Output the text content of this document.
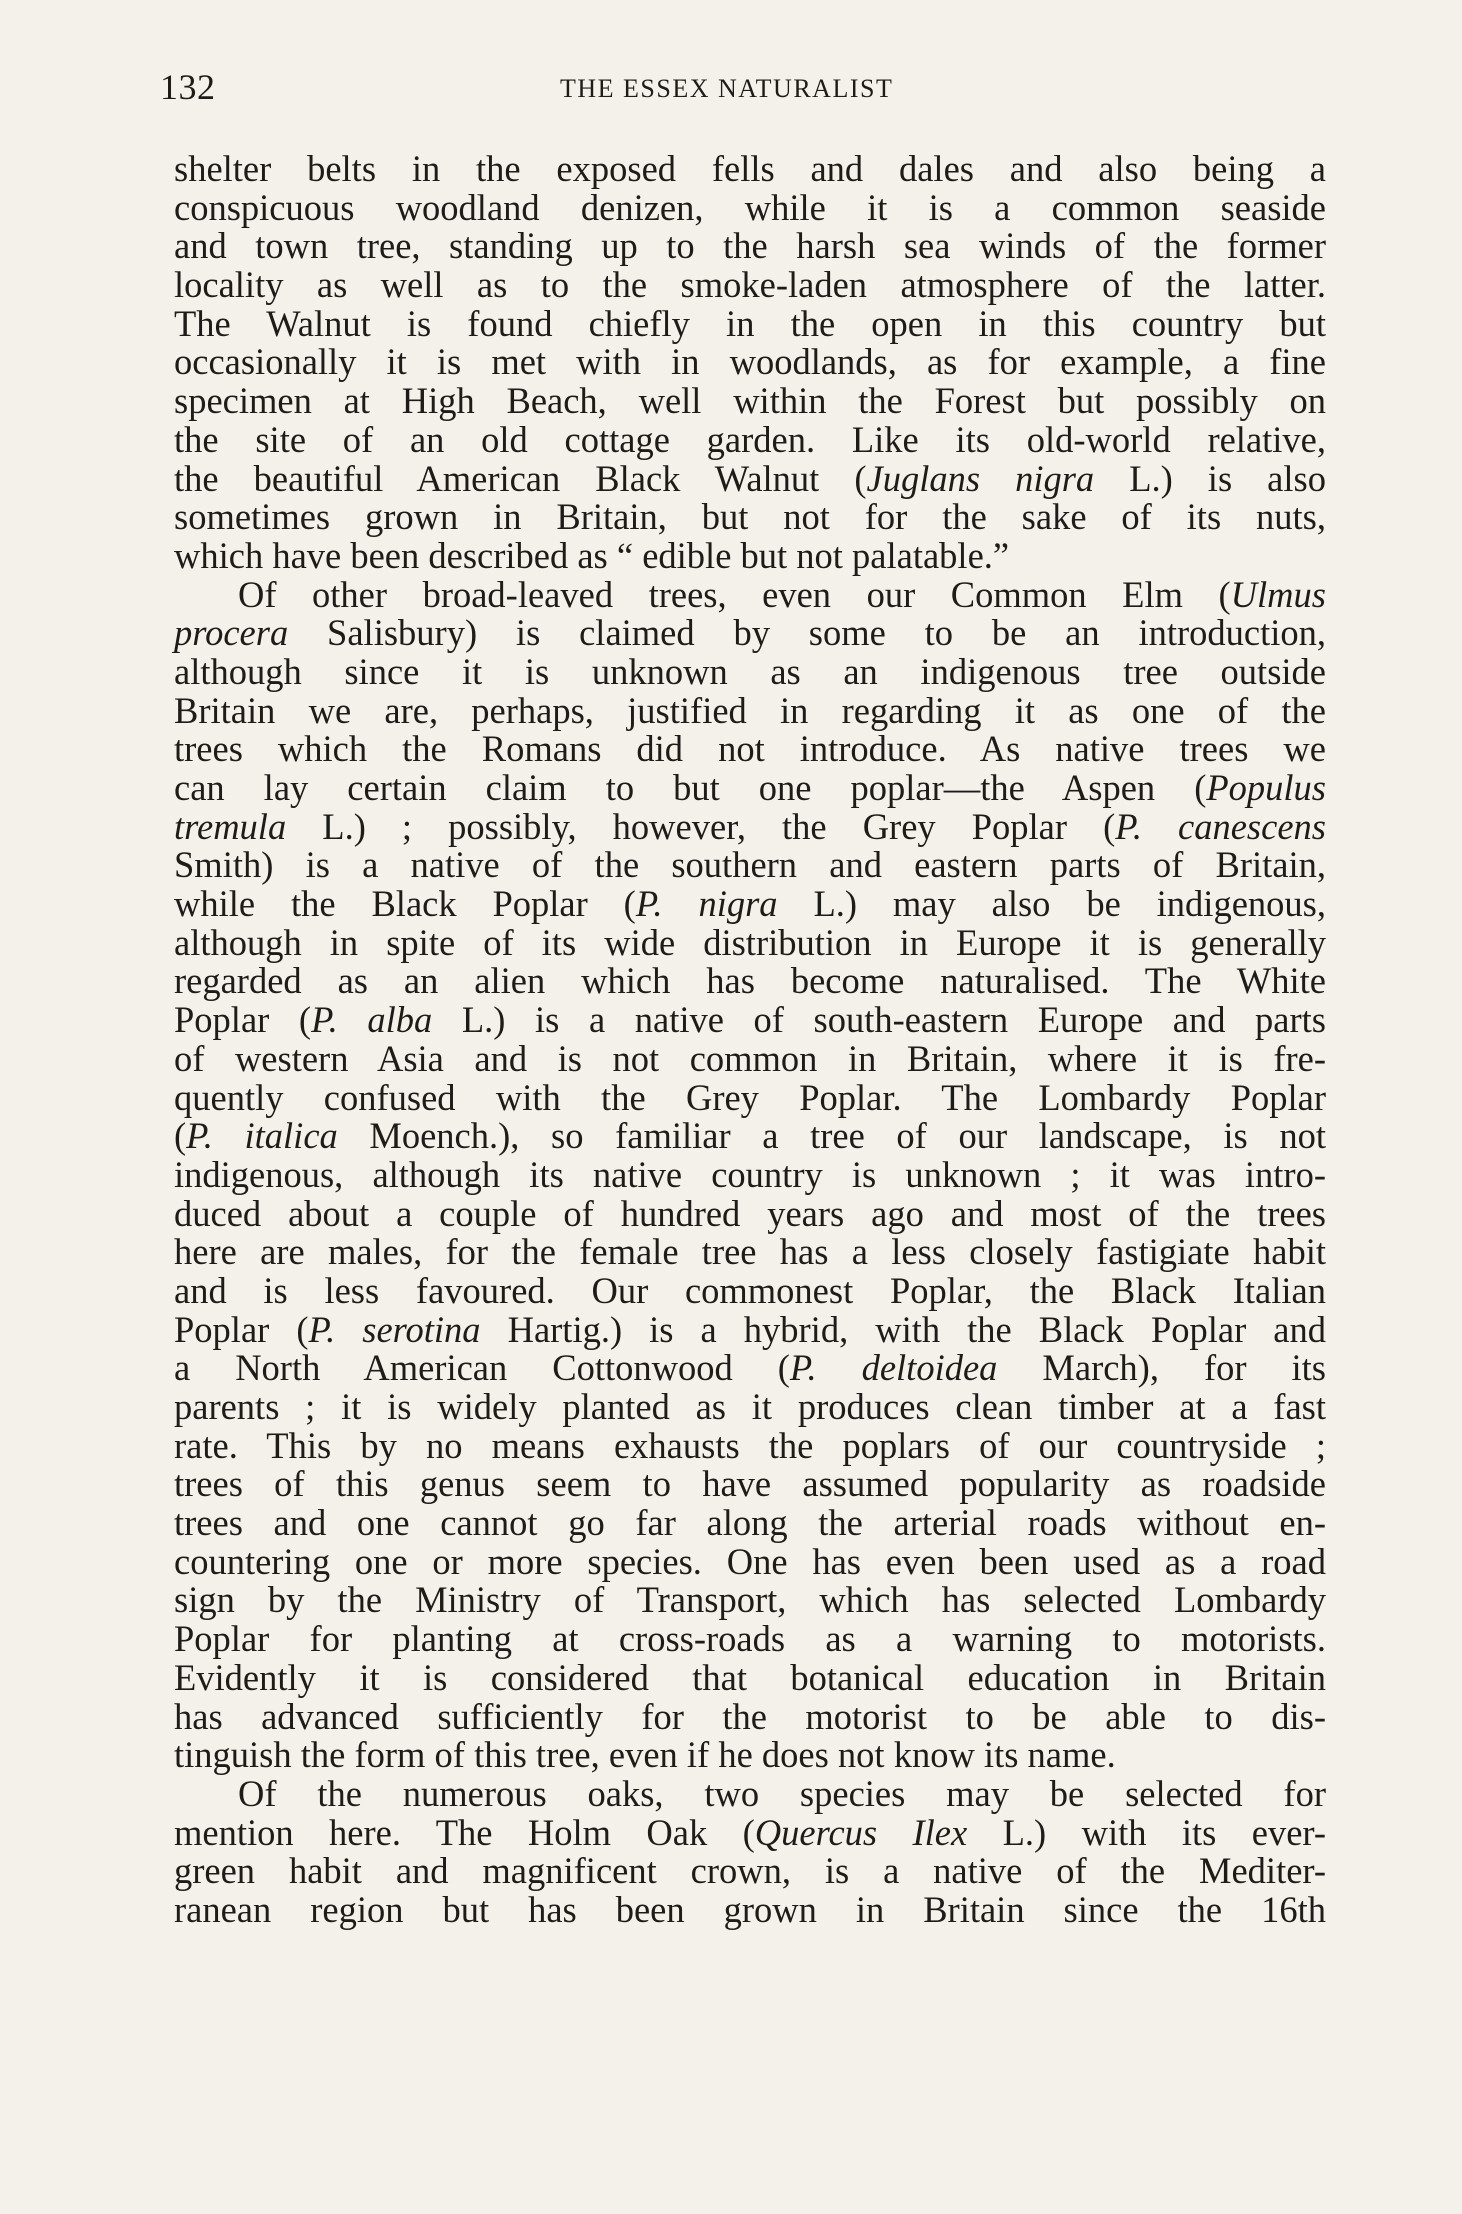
132	THE ESSEX NATURALIST
shelter belts in the exposed fells and dales and also being a
conspicuous woodland denizen, while it is a common seaside
and town tree, standing up to the harsh sea winds of the former
locality as well as to the smoke-laden atmosphere of the latter.
The Walnut is found chiefly in the open in this country but
occasionally it is met with in woodlands, as for example, a fine
specimen at High Beach, well within the Forest but possibly on
the site of an old cottage garden. Like its old-world relative,
the beautiful American Black Walnut (Juglans nigra L.) is also
sometimes grown in Britain, but not for the sake of its nuts,
which have been described as “ edible but not palatable.”
Of other broad-leaved trees, even our Common Elm (Ulmus
procera Salisbury) is claimed by some to be an introduction,
although since it is unknown as an indigenous tree outside
Britain we are, perhaps, justified in regarding it as one of the
trees which the Romans did not introduce. As native trees we
can lay certain claim to but one poplar—the Aspen (Populus
tremula L.) ; possibly, however, the Grey Poplar (P. canescens
Smith) is a native of the southern and eastern parts of Britain,
while the Black Poplar (P. nigra L.) may also be indigenous,
although in spite of its wide distribution in Europe it is generally
regarded as an alien which has become naturalised. The White
Poplar (P. alba L.) is a native of south-eastern Europe and parts
of western Asia and is not common in Britain, where it is fre-
quently confused with the Grey Poplar. The Lombardy Poplar
(P. italica Moench.), so familiar a tree of our landscape, is not
indigenous, although its native country is unknown ; it was intro-
duced about a couple of hundred years ago and most of the trees
here are males, for the female tree has a less closely fastigiate habit
and is less favoured. Our commonest Poplar, the Black Italian
Poplar (P. serotina Hartig.) is a hybrid, with the Black Poplar and
a North American Cottonwood (P. deltoidea March), for its
parents ; it is widely planted as it produces clean timber at a fast
rate. This by no means exhausts the poplars of our countryside ;
trees of this genus seem to have assumed popularity as roadside
trees and one cannot go far along the arterial roads without en-
countering one or more species. One has even been used as a road
sign by the Ministry of Transport, which has selected Lombardy
Poplar for planting at cross-roads as a warning to motorists.
Evidently it is considered that botanical education in Britain
has advanced sufficiently for the motorist to be able to dis-
tinguish the form of this tree, even if he does not know its name.
Of the numerous oaks, two species may be selected for
mention here. The Holm Oak (Quercus Ilex L.) with its ever-
green habit and magnificent crown, is a native of the Mediter-
ranean region but has been grown in Britain since the 16th
